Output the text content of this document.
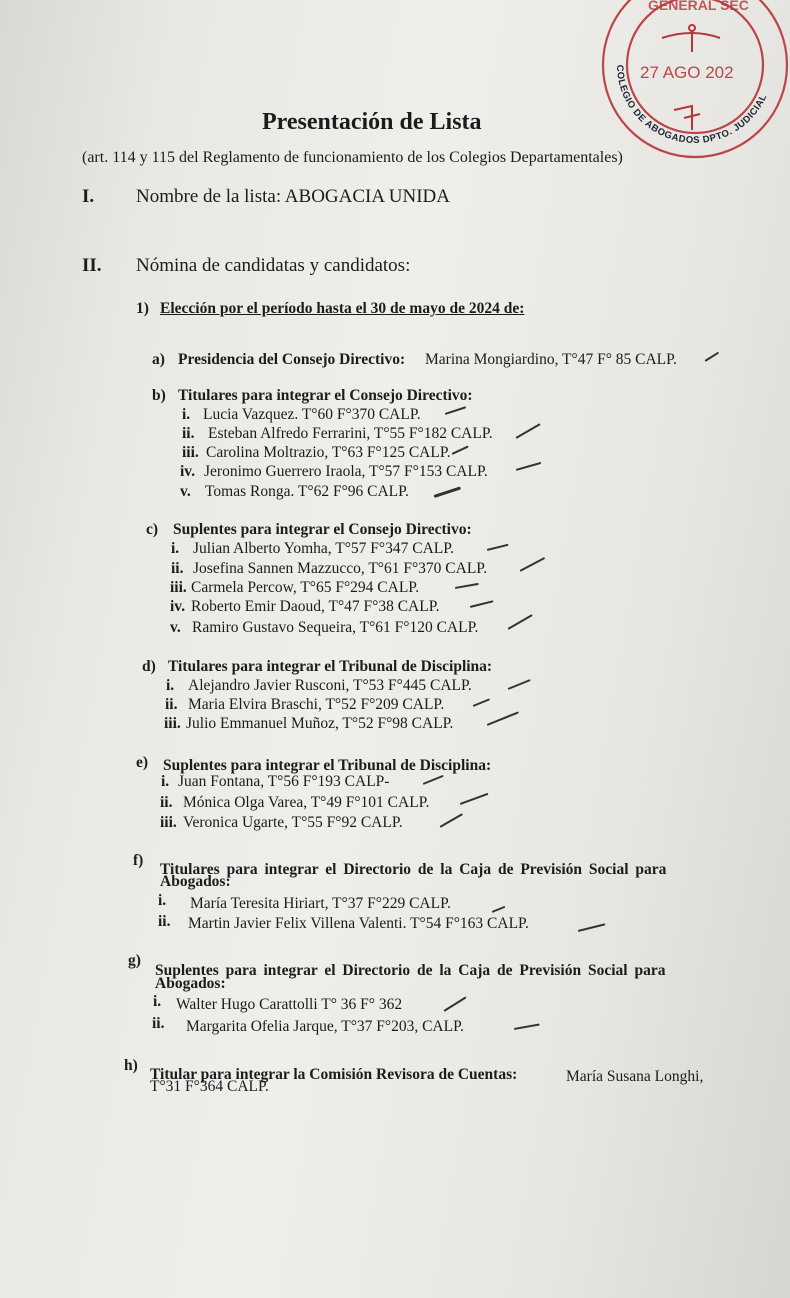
Presentación de Lista
(art. 114 y 115 del Reglamento de funcionamiento de los Colegios Departamentales)
I. Nombre de la lista: ABOGACIA UNIDA
II. Nómina de candidatas y candidatos:
1) Elección por el período hasta el 30 de mayo de 2024 de:
a) Presidencia del Consejo Directivo: Marina Mongiardino, T°47 F° 85 CALP.
b) Titulares para integrar el Consejo Directivo:
i. Lucia Vazquez. T°60 F°370 CALP.
ii. Esteban Alfredo Ferrarini, T°55 F°182 CALP.
iii. Carolina Moltrazio, T°63 F°125 CALP.
iv. Jeronimo Guerrero Iraola, T°57 F°153 CALP.
v. Tomas Ronga. T°62 F°96 CALP.
c) Suplentes para integrar el Consejo Directivo:
i. Julian Alberto Yomha, T°57 F°347 CALP.
ii. Josefina Sannen Mazzucco, T°61 F°370 CALP.
iii. Carmela Percow, T°65 F°294 CALP.
iv. Roberto Emir Daoud, T°47 F°38 CALP.
v. Ramiro Gustavo Sequeira, T°61 F°120 CALP.
d) Titulares para integrar el Tribunal de Disciplina:
i. Alejandro Javier Rusconi, T°53 F°445 CALP.
ii. Maria Elvira Braschi, T°52 F°209 CALP.
iii. Julio Emmanuel Muñoz, T°52 F°98 CALP.
e) Suplentes para integrar el Tribunal de Disciplina:
i. Juan Fontana, T°56 F°193 CALP-
ii. Mónica Olga Varea, T°49 F°101 CALP.
iii. Veronica Ugarte, T°55 F°92 CALP.
f)
Titulares para integrar el Directorio de la Caja de Previsión Social para
Abogados:
i. María Teresita Hiriart, T°37 F°229 CALP.
ii. Martin Javier Felix Villena Valenti. T°54 F°163 CALP.
g)
Suplentes para integrar el Directorio de la Caja de Previsión Social para
Abogados:
i. Walter Hugo Carattolli T° 36 F° 362
ii. Margarita Ofelia Jarque, T°37 F°203, CALP.
h)
Titular para integrar la Comisión Revisora de Cuentas:	María Susana Longhi,
T°31 F°364 CALP.
GENERAL SEC
27 AGO 202
COLEGIO DE ABOGADOS DPTO. JUDICIAL
